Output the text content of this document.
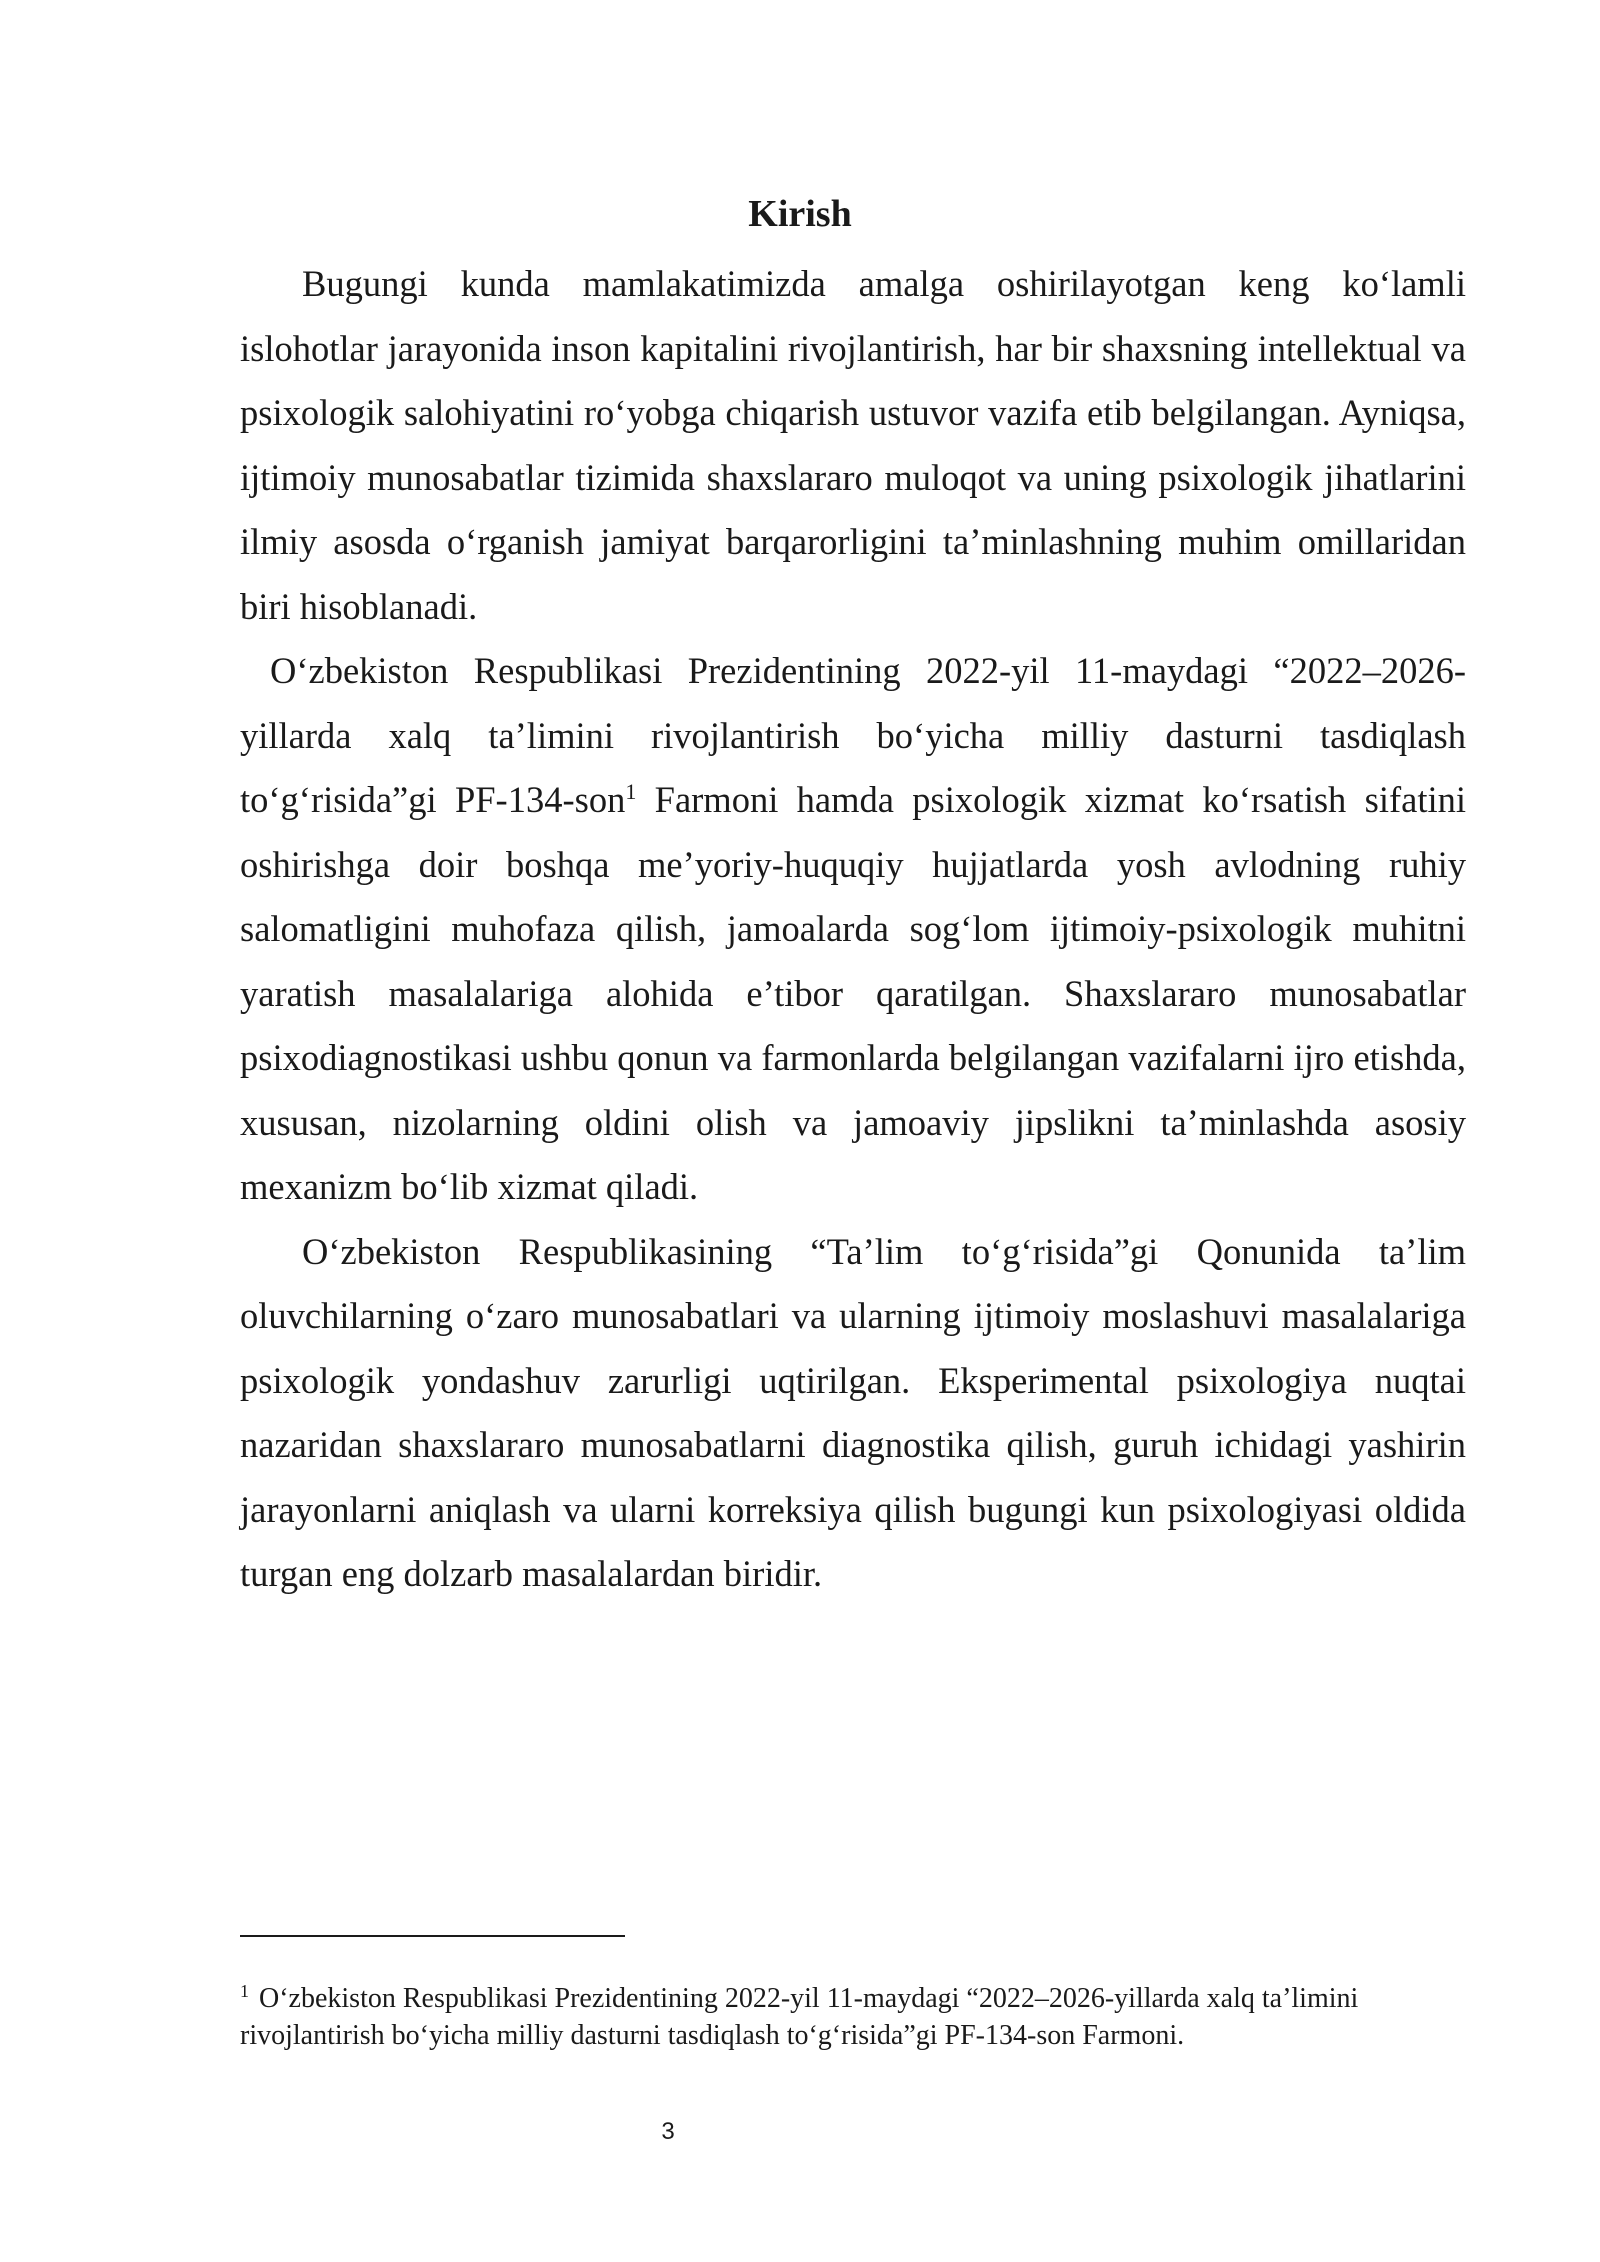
Kirish

Bugungi kunda mamlakatimizda amalga oshirilayotgan keng ko‘lamli islohotlar jarayonida inson kapitalini rivojlantirish, har bir shaxsning intellektual va psixologik salohiyatini ro‘yobga chiqarish ustuvor vazifa etib belgilangan. Ayniqsa, ijtimoiy munosabatlar tizimida shaxslararo muloqot va uning psixologik jihatlarini ilmiy asosda o‘rganish jamiyat barqarorligini ta’minlashning muhim omillaridan biri hisoblanadi.

O‘zbekiston Respublikasi Prezidentining 2022-yil 11-maydagi “2022–2026-yillarda xalq ta’limini rivojlantirish bo‘yicha milliy dasturni tasdiqlash to‘g‘risida”gi PF-134-son$^1$ Farmoni hamda psixologik xizmat ko‘rsatish sifatini oshirishga doir boshqa me’yoriy-huquqiy hujjatlarda yosh avlodning ruhiy salomatligini muhofaza qilish, jamoalarda sog‘lom ijtimoiy-psixologik muhitni yaratish masalalariga alohida e’tibor qaratilgan. Shaxslararo munosabatlar psixodiagnostikasi ushbu qonun va farmonlarda belgilangan vazifalarni ijro etishda, xususan, nizolarning oldini olish va jamoaviy jipslikni ta’minlashda asosiy mexanizm bo‘lib xizmat qiladi.

O‘zbekiston Respublikasining “Ta’lim to‘g‘risida”gi Qonunida ta’lim oluvchilarning o‘zaro munosabatlari va ularning ijtimoiy moslashuvi masalalariga psixologik yondashuv zarurligi uqtirilgan. Eksperimental psixologiya nuqtai nazaridan shaxslararo munosabatlarni diagnostika qilish, guruh ichidagi yashirin jarayonlarni aniqlash va ularni korreksiya qilish bugungi kun psixologiyasi oldida turgan eng dolzarb masalalardan biridir.

$^1$ O‘zbekiston Respublikasi Prezidentining 2022-yil 11-maydagi “2022–2026-yillarda xalq ta’limini rivojlantirish bo‘yicha milliy dasturni tasdiqlash to‘g‘risida”gi PF-134-son Farmoni.
3
